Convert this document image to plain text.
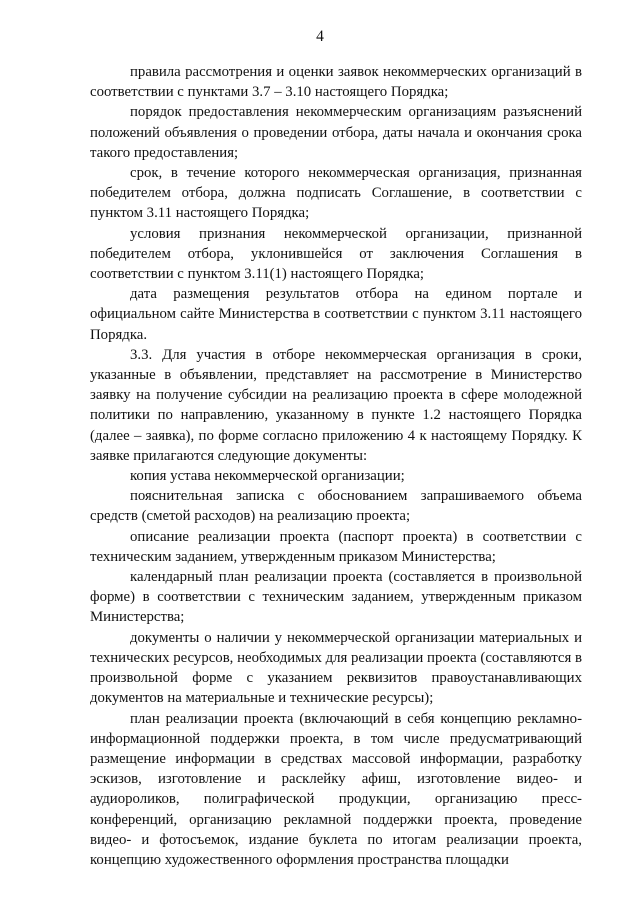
4

правила рассмотрения и оценки заявок некоммерческих организаций в соответствии с пунктами 3.7 – 3.10 настоящего Порядка;

порядок предоставления некоммерческим организациям разъяснений положений объявления о проведении отбора, даты начала и окончания срока такого предоставления;

срок, в течение которого некоммерческая организация, признанная победителем отбора, должна подписать Соглашение, в соответствии с пунктом 3.11 настоящего Порядка;

условия признания некоммерческой организации, признанной победителем отбора, уклонившейся от заключения Соглашения в соответствии с пунктом 3.11(1) настоящего Порядка;

дата размещения результатов отбора на едином портале и официальном сайте Министерства в соответствии с пунктом 3.11 настоящего Порядка.

3.3. Для участия в отборе некоммерческая организация в сроки, указанные в объявлении, представляет на рассмотрение в Министерство заявку на получение субсидии на реализацию проекта в сфере молодежной политики по направлению, указанному в пункте 1.2 настоящего Порядка (далее – заявка), по форме согласно приложению 4 к настоящему Порядку. К заявке прилагаются следующие документы:

копия устава некоммерческой организации;

пояснительная записка с обоснованием запрашиваемого объема средств (сметой расходов) на реализацию проекта;

описание реализации проекта (паспорт проекта) в соответствии с техническим заданием, утвержденным приказом Министерства;

календарный план реализации проекта (составляется в произвольной форме) в соответствии с техническим заданием, утвержденным приказом Министерства;

документы о наличии у некоммерческой организации материальных и технических ресурсов, необходимых для реализации проекта (составляются в произвольной форме с указанием реквизитов правоустанавливающих документов на материальные и технические ресурсы);

план реализации проекта (включающий в себя концепцию рекламно-информационной поддержки проекта, в том числе предусматривающий размещение информации в средствах массовой информации, разработку эскизов, изготовление и расклейку афиш, изготовление видео- и аудиороликов, полиграфической продукции, организацию пресс-конференций, организацию рекламной поддержки проекта, проведение видео- и фотосъемок, издание буклета по итогам реализации проекта, концепцию художественного оформления пространства площадки
